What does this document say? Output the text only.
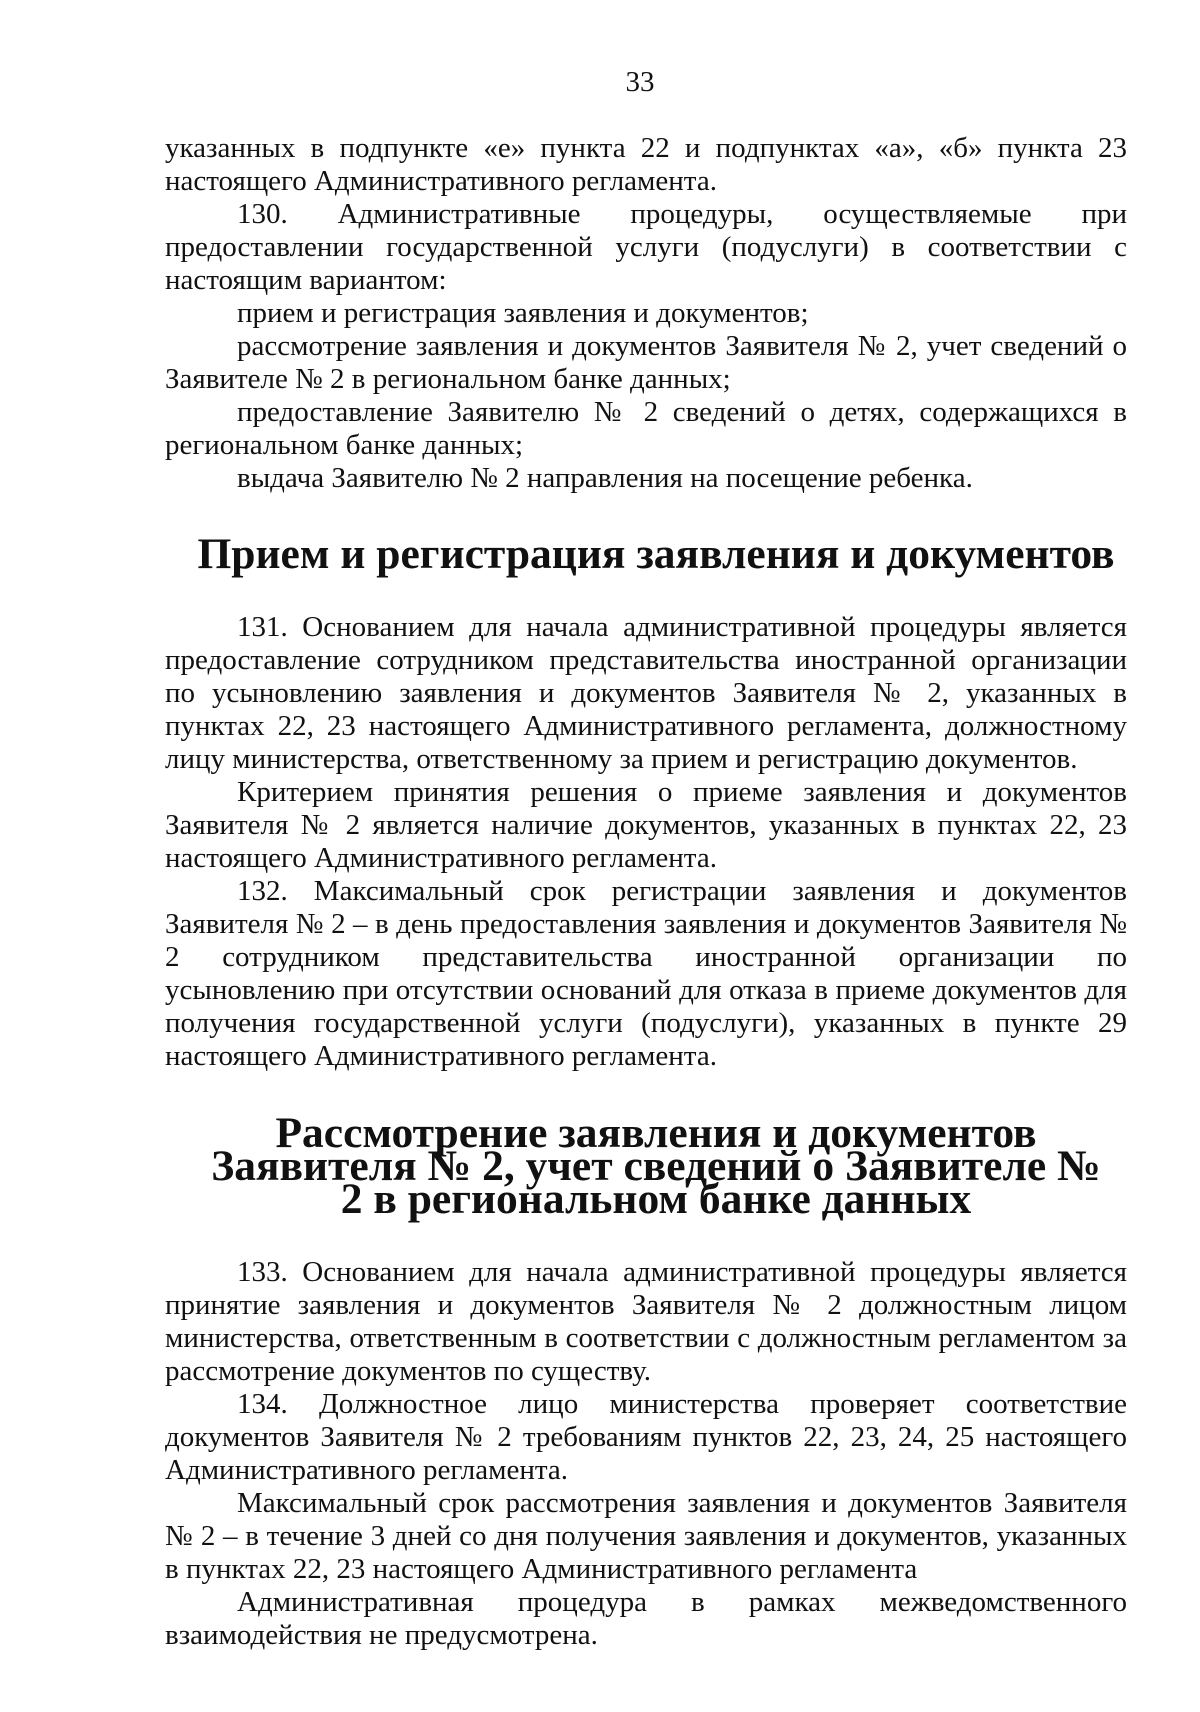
33

указанных в подпункте «е» пункта 22 и подпунктах «а», «б» пункта 23 настоящего Административного регламента.

130. Административные процедуры, осуществляемые при предоставлении государственной услуги (подуслуги) в соответствии с настоящим вариантом:

прием и регистрация заявления и документов;

рассмотрение заявления и документов Заявителя № 2, учет сведений о Заявителе № 2 в региональном банке данных;

предоставление Заявителю № 2 сведений о детях, содержащихся в региональном банке данных;

выдача Заявителю № 2 направления на посещение ребенка.

Прием и регистрация заявления и документов

131. Основанием для начала административной процедуры является предоставление сотрудником представительства иностранной организации по усыновлению заявления и документов Заявителя № 2, указанных в пунктах 22, 23 настоящего Административного регламента, должностному лицу министерства, ответственному за прием и регистрацию документов.

Критерием принятия решения о приеме заявления и документов Заявителя № 2 является наличие документов, указанных в пунктах 22, 23 настоящего Административного регламента.

132. Максимальный срок регистрации заявления и документов Заявителя № 2 – в день предоставления заявления и документов Заявителя № 2 сотрудником представительства иностранной организации по усыновлению при отсутствии оснований для отказа в приеме документов для получения государственной услуги (подуслуги), указанных в пункте 29 настоящего Административного регламента.

Рассмотрение заявления и документов Заявителя № 2, учет сведений о Заявителе № 2 в региональном банке данных

133. Основанием для начала административной процедуры является принятие заявления и документов Заявителя № 2 должностным лицом министерства, ответственным в соответствии с должностным регламентом за рассмотрение документов по существу.

134. Должностное лицо министерства проверяет соответствие документов Заявителя № 2 требованиям пунктов 22, 23, 24, 25 настоящего Административного регламента.

Максимальный срок рассмотрения заявления и документов Заявителя № 2 – в течение 3 дней со дня получения заявления и документов, указанных в пунктах 22, 23 настоящего Административного регламента

Административная процедура в рамках межведомственного взаимодействия не предусмотрена.
